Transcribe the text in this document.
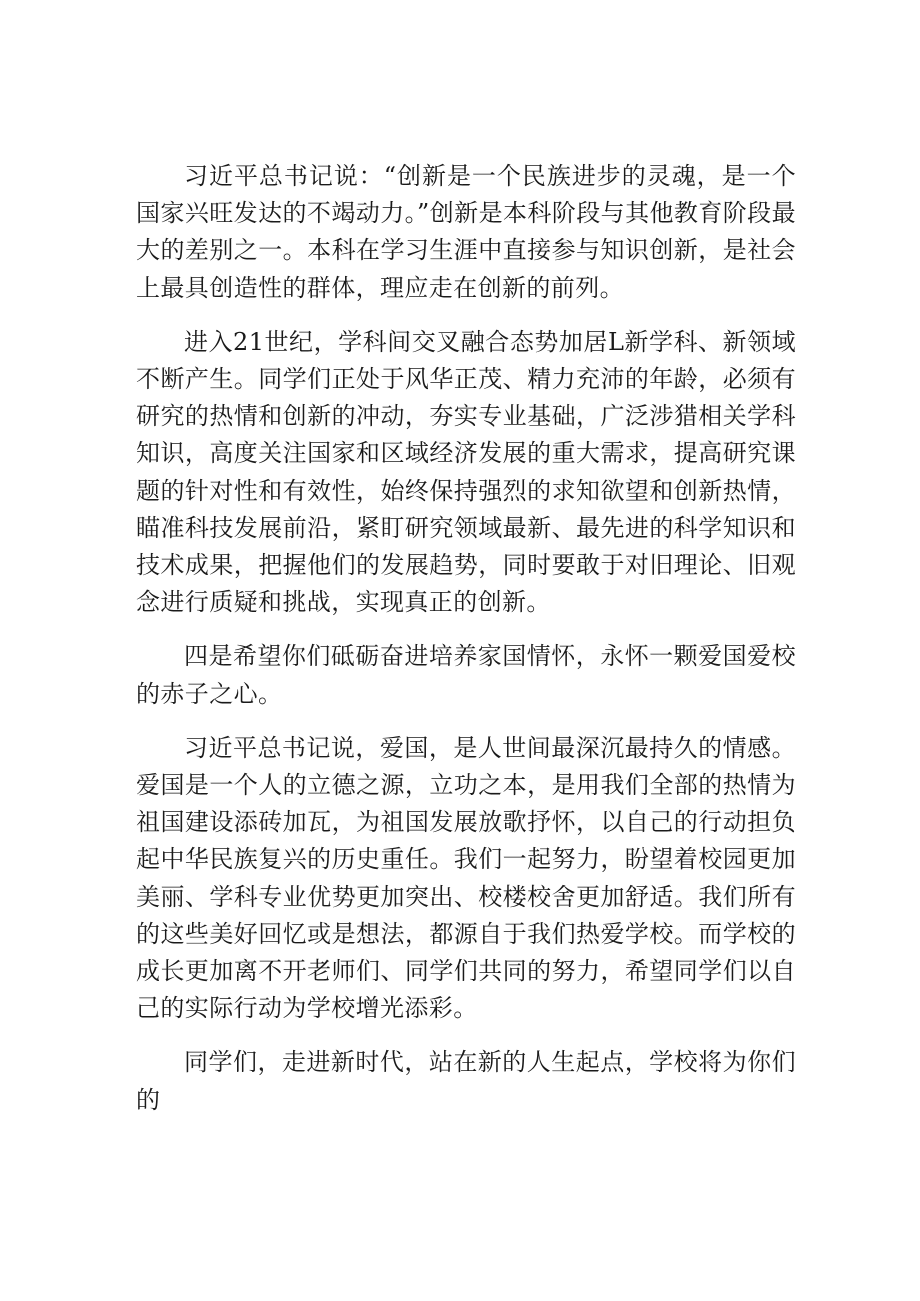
习近平总书记说：“创新是一个民族进步的灵魂，是一个国家兴旺发达的不竭动力。”创新是本科阶段与其他教育阶段最大的差别之一。本科在学习生涯中直接参与知识创新，是社会上最具创造性的群体，理应走在创新的前列。

进入21世纪，学科间交叉融合态势加居L新学科、新领域不断产生。同学们正处于风华正茂、精力充沛的年龄，必须有研究的热情和创新的冲动，夯实专业基础，广泛涉猎相关学科知识，高度关注国家和区域经济发展的重大需求，提高研究课题的针对性和有效性，始终保持强烈的求知欲望和创新热情，瞄准科技发展前沿，紧盯研究领域最新、最先进的科学知识和技术成果，把握他们的发展趋势，同时要敢于对旧理论、旧观念进行质疑和挑战，实现真正的创新。

四是希望你们砥砺奋进培养家国情怀，永怀一颗爱国爱校的赤子之心。

习近平总书记说，爱国，是人世间最深沉最持久的情感。爱国是一个人的立德之源，立功之本，是用我们全部的热情为祖国建设添砖加瓦，为祖国发展放歌抒怀，以自己的行动担负起中华民族复兴的历史重任。我们一起努力，盼望着校园更加美丽、学科专业优势更加突出、校楼校舍更加舒适。我们所有的这些美好回忆或是想法，都源自于我们热爱学校。而学校的成长更加离不开老师们、同学们共同的努力，希望同学们以自己的实际行动为学校增光添彩。

同学们，走进新时代，站在新的人生起点，学校将为你们的
